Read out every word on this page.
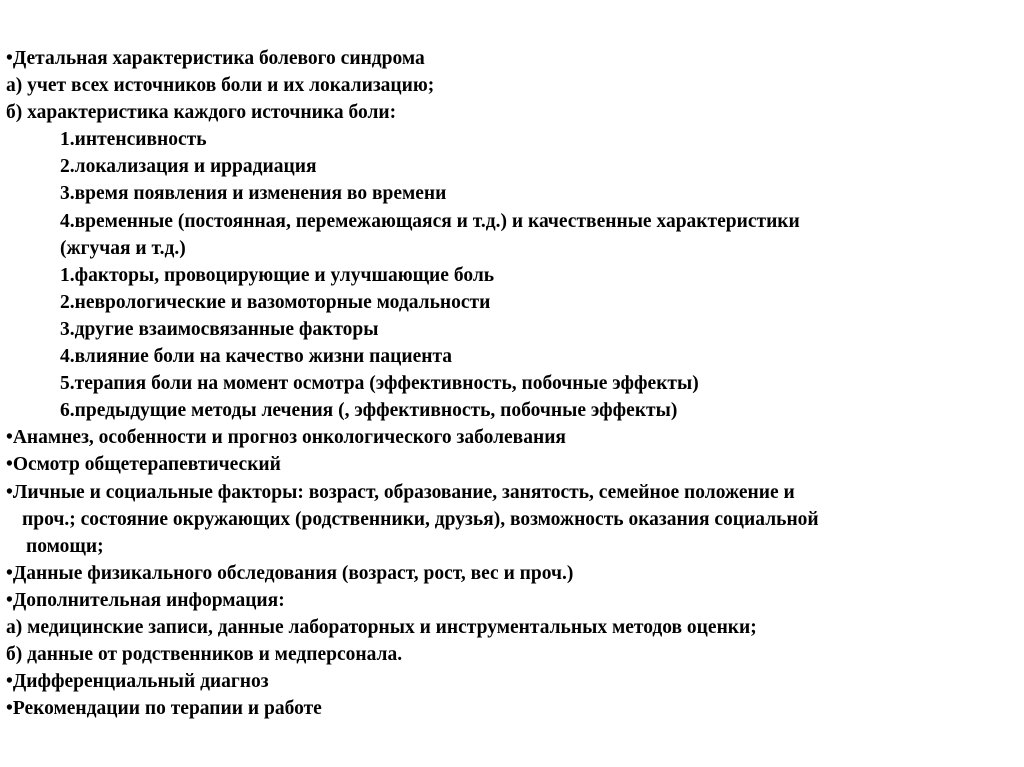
•Детальная характеристика болевого синдрома
а) учет всех источников боли и их локализацию;
б) характеристика каждого источника боли:
1.интенсивность
2.локализация и иррадиация
3.время появления и изменения во времени
4.временные (постоянная, перемежающаяся и т.д.) и качественные характеристики
(жгучая и т.д.)
1.факторы, провоцирующие и улучшающие боль
2.неврологические и вазомоторные модальности
3.другие взаимосвязанные факторы
4.влияние боли на качество жизни пациента
5.терапия боли на момент осмотра (эффективность, побочные эффекты)
6.предыдущие методы лечения (, эффективность, побочные эффекты)
•Анамнез, особенности и прогноз онкологического заболевания
•Осмотр общетерапевтический
•Личные и социальные факторы: возраст, образование, занятость, семейное положение и
проч.; состояние окружающих (родственники, друзья), возможность оказания социальной
помощи;
•Данные физикального обследования (возраст, рост, вес и проч.)
•Дополнительная информация:
а) медицинские записи, данные лабораторных и инструментальных методов оценки;
б) данные от родственников и медперсонала.
•Дифференциальный диагноз
•Рекомендации по терапии и работе
